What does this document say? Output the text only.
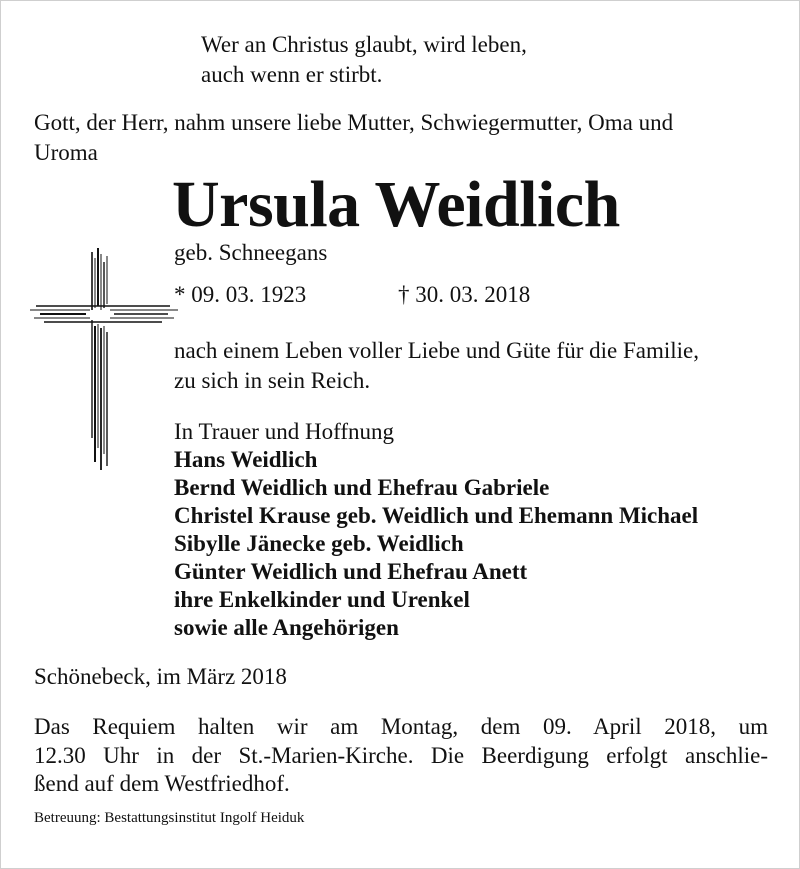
Wer an Christus glaubt, wird leben,
auch wenn er stirbt.
Gott, der Herr, nahm unsere liebe Mutter, Schwiegermutter, Oma und
Uroma
Ursula Weidlich
geb. Schneegans
* 09. 03. 1923	† 30. 03. 2018
nach einem Leben voller Liebe und Güte für die Familie,
zu sich in sein Reich.
In Trauer und Hoffnung
Hans Weidlich
Bernd Weidlich und Ehefrau Gabriele
Christel Krause geb. Weidlich und Ehemann Michael
Sibylle Jänecke geb. Weidlich
Günter Weidlich und Ehefrau Anett
ihre Enkelkinder und Urenkel
sowie alle Angehörigen
Schönebeck, im März 2018
Das Requiem halten wir am Montag, dem 09. April 2018, um
12.30 Uhr in der St.-Marien-Kirche. Die Beerdigung erfolgt anschlie-
ßend auf dem Westfriedhof.
Betreuung: Bestattungsinstitut Ingolf Heiduk
